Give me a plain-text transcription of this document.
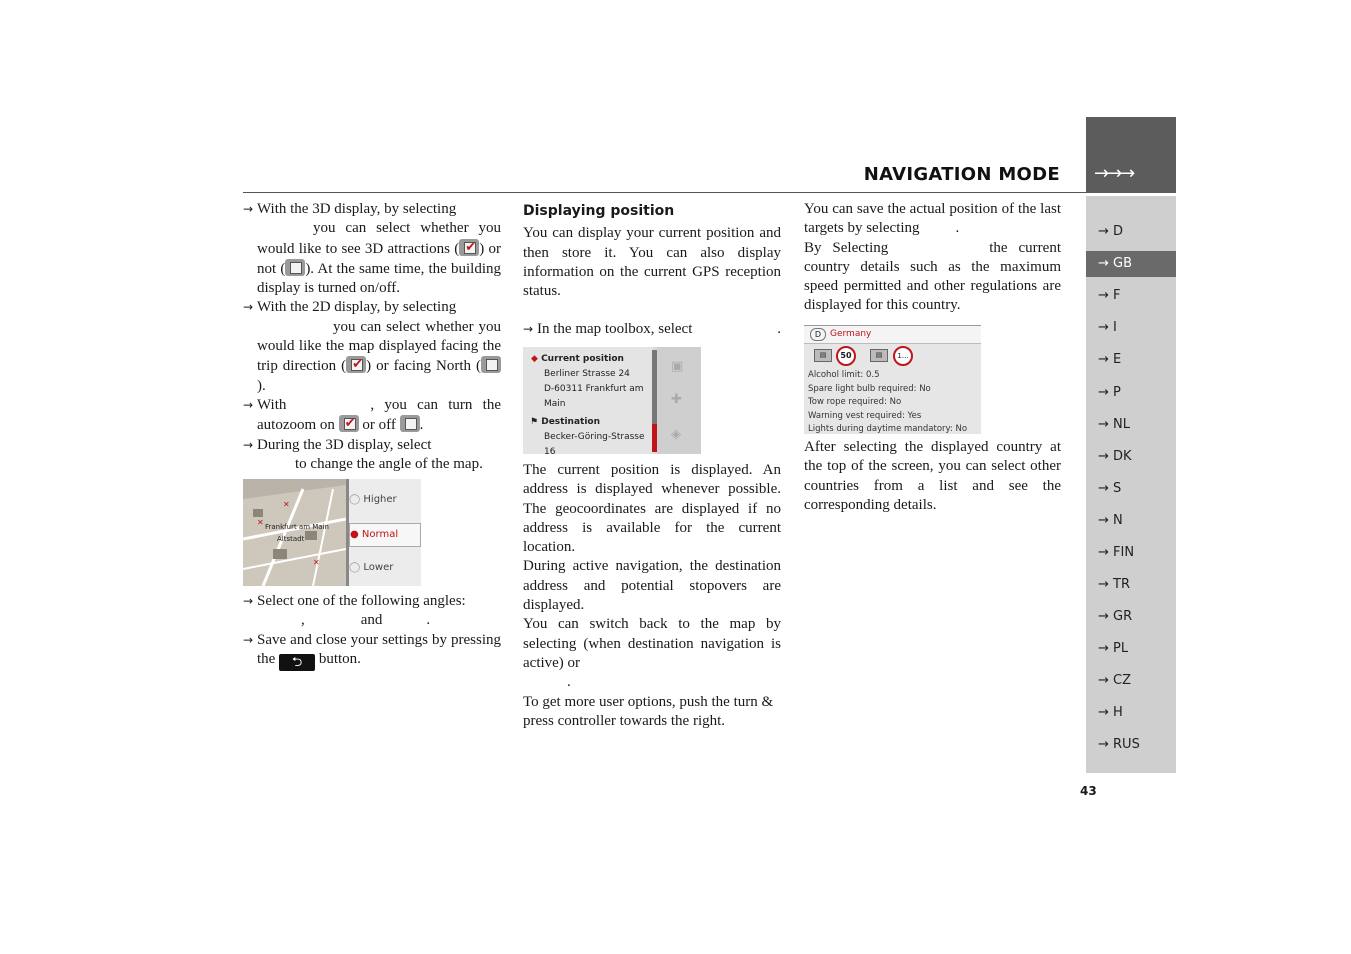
NAVIGATION MODE →→→
→ D
→ GB
→ F
→ I
→ E
→ P
→ NL
→ DK
→ S
→ N
→ FIN
→ TR
→ GR
→ PL
→ CZ
→ H
→ RUS
43

→ With the 3D display, by selecting
you can select whether you would like to see 3D attractions ( ✔ ) or not ( ). At the same time, the building display is turned on/off.

→ With the 2D display, by selecting
you can select whether you would like the map displayed facing the trip direction ( ✔ ) or facing North ().

→ With	, you can turn the autozoom on ✔ or off .

→ During the 3D display, select
to change the angle of the map.

✕
✕
✕
Frankfurt am Main
Altstadt
◯ Higher
● Normal
◯ Lower

→ Select one of the following angles:
,	and	.

→ Save and close your settings by pressing the ⮌ button.

Displaying position

You can display your current position and then store it. You can also display information on the current GPS reception status.

→ In the map toolbox, select	.

◆ Current position
Berliner Strasse 24
D-60311 Frankfurt am
Main
⚑ Destination
Becker-Göring-Strasse
16
▣
✚
◈

The current position is displayed. An address is displayed whenever possible. The geocoordinates are displayed if no address is available for the current location.

During active navigation, the destination address and potential stopovers are displayed.

You can switch back to the map by selecting (when destination navigation is active) or
.

To get more user options, push the turn & press controller towards the right.

You can save the actual position of the last targets by selecting .

By Selecting	the current country details such as the maximum speed permitted and other regulations are displayed for this country.

D Germany
▤	50	▤	1...
Alcohol limit: 0.5
Spare light bulb required: No
Tow rope required: No
Warning vest required: Yes
Lights during daytime mandatory: No

After selecting the displayed country at the top of the screen, you can select other countries from a list and see the corresponding details.
